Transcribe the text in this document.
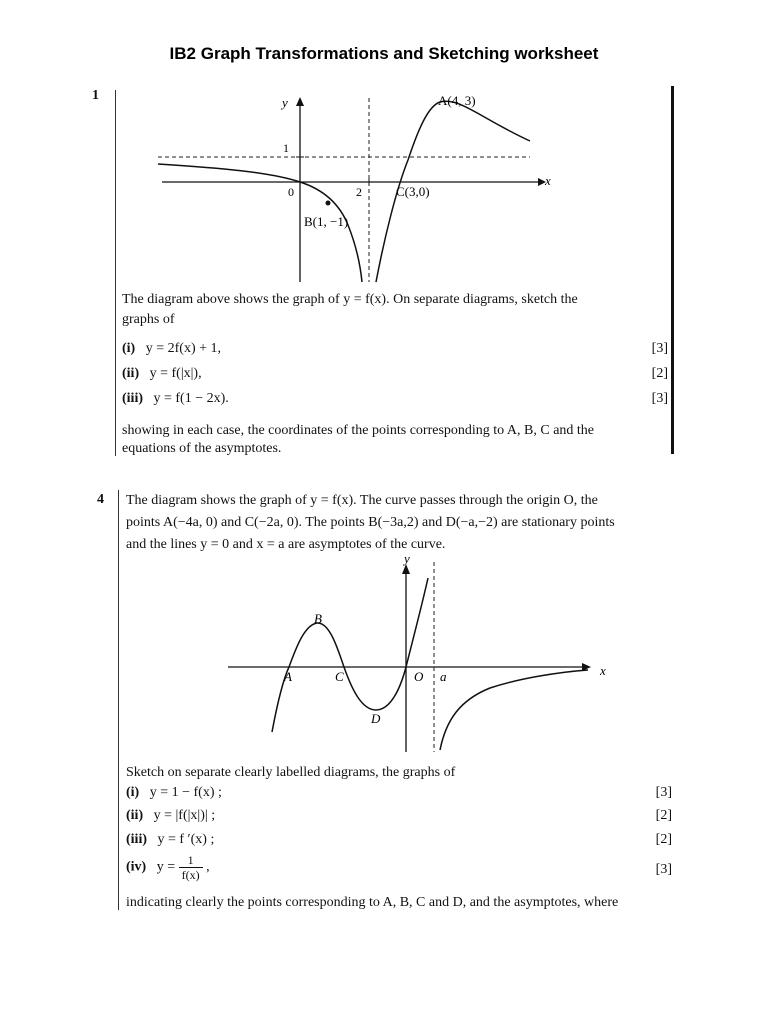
IB2 Graph Transformations and Sketching worksheet
1	y
x
1
0	2
A(4, 3)
B(1, −1)
C(3,0)
The diagram above shows the graph of y = f(x). On separate diagrams, sketch the
graphs of
(i) y = 2f(x) + 1,	[3]
(ii) y = f(|x|),	[2]
(iii) y = f(1 − 2x).	[3]
showing in each case, the coordinates of the points corresponding to A, B, C and the
equations of the asymptotes.
4 The diagram shows the graph of y = f(x). The curve passes through the origin O, the
points A(−4a, 0) and C(−2a, 0). The points B(−3a,2) and D(−a,−2) are stationary points
and the lines y = 0 and x = a are asymptotes of the curve.
y
x
A
B
C
D
O a
Sketch on separate clearly labelled diagrams, the graphs of
(i) y = 1 − f(x) ;	[3]
(ii) y = |f(|x|)| ;	[2]
(iii) y = f ′(x) ;	[2]
(iv) $y = \frac{1}{f(x)}$ ,	[3]
indicating clearly the points corresponding to A, B, C and D, and the asymptotes, where
